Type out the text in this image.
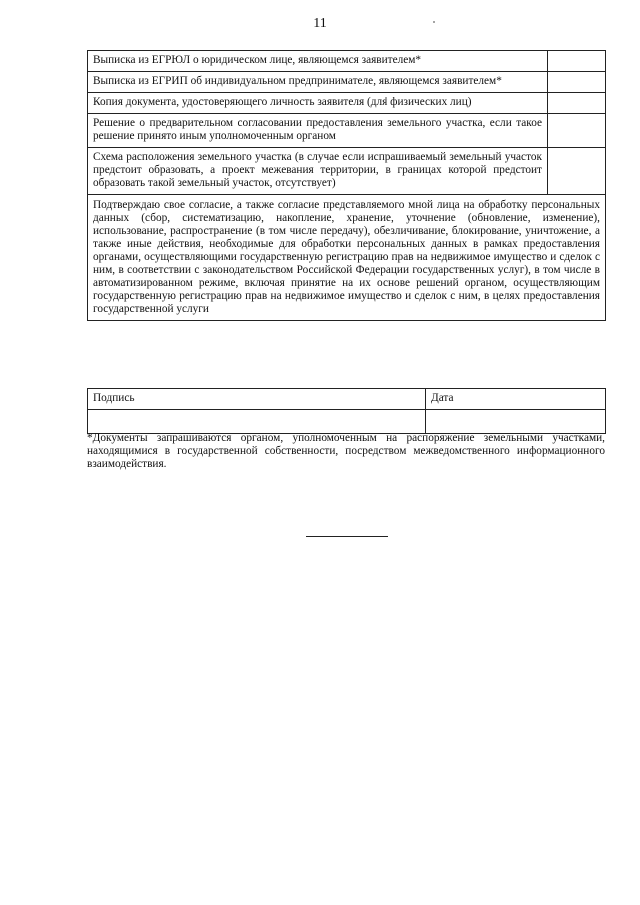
11
Выписка из ЕГРЮЛ о юридическом лице, являющемся заявителем*	
Выписка из ЕГРИП об индивидуальном предпринимателе, являющемся заявителем*	
Копия документа, удостоверяющего личность заявителя (для физических лиц)	
Решение о предварительном согласовании предоставления земельного участка, если такое решение принято иным уполномоченным органом	
Схема расположения земельного участка (в случае если испрашиваемый земельный участок предстоит образовать, а проект межевания территории, в границах которой предстоит образовать такой земельный участок, отсутствует)	
Подтверждаю свое согласие, а также согласие представляемого мной лица на обработку персональных данных (сбор, систематизацию, накопление, хранение, уточнение (обновление, изменение), использование, распространение (в том числе передачу), обезличивание, блокирование, уничтожение, а также иные действия, необходимые для обработки персональных данных в рамках предоставления органами, осуществляющими государственную регистрацию прав на недвижимое имущество и сделок с ним, в соответствии с законодательством Российской Федерации государственных услуг), в том числе в автоматизированном режиме, включая принятие на их основе решений органом, осуществляющим государственную регистрацию прав на недвижимое имущество и сделок с ним, в целях предоставления государственной услуги	
Подпись	Дата

*Документы запрашиваются органом, уполномоченным на распоряжение земельными участками, находящимися в государственной собственности, посредством межведомственного информационного взаимодействия.
